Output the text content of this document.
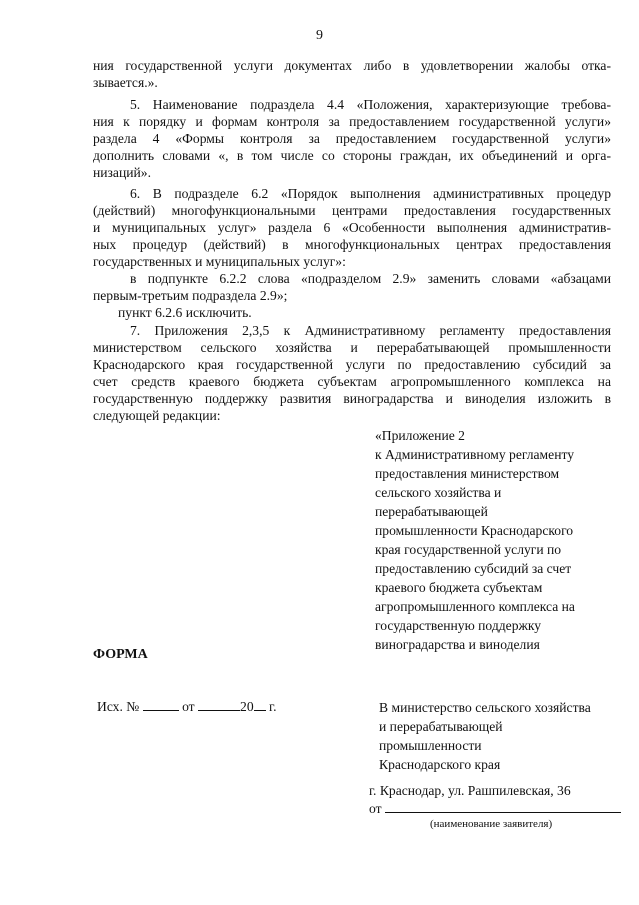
9
ния государственной услуги документах либо в удовлетворении жалобы отка-
зывается.».
5. Наименование подраздела 4.4 «Положения, характеризующие требова-
ния к порядку и формам контроля за предоставлением государственной услуги»
раздела 4 «Формы контроля за предоставлением государственной услуги»
дополнить словами «, в том числе со стороны граждан, их объединений и орга-
низаций».
6. В подразделе 6.2 «Порядок выполнения административных процедур
(действий) многофункциональными центрами предоставления государственных
и муниципальных услуг» раздела 6 «Особенности выполнения административ-
ных процедур (действий) в многофункциональных центрах предоставления
государственных и муниципальных услуг»:
в подпункте 6.2.2 слова «подразделом 2.9» заменить словами «абзацами
первым-третьим подраздела 2.9»;
пункт 6.2.6 исключить.
7. Приложения 2,3,5 к Административному регламенту предоставления
министерством сельского хозяйства и перерабатывающей промышленности
Краснодарского края государственной услуги по предоставлению субсидий за
счет средств краевого бюджета субъектам агропромышленного комплекса на
государственную поддержку развития виноградарства и виноделия изложить в
следующей редакции:
«Приложение 2
к Административному регламенту
предоставления министерством
сельского хозяйства и
перерабатывающей
промышленности Краснодарского
края государственной услуги по
предоставлению субсидий за счет
краевого бюджета субъектам
агропромышленного комплекса на
государственную поддержку
виноградарства и виноделия
ФОРМА
Исх. №	от	20 г.	В министерство сельского хозяйства
и перерабатывающей
промышленности
Краснодарского края
г. Краснодар, ул. Рашпилевская, 36
от
(наименование заявителя)
